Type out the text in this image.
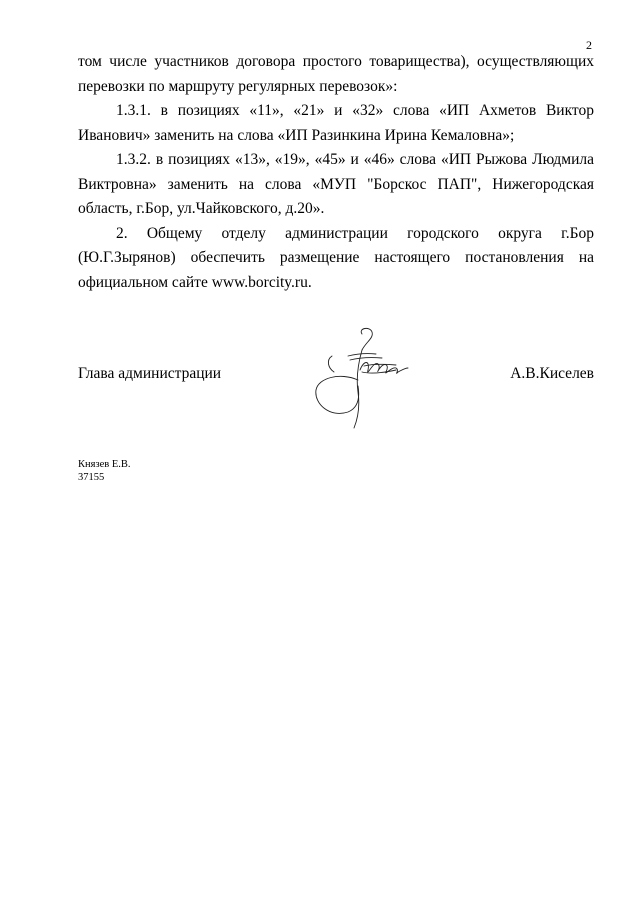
2

том числе участников договора простого товарищества), осуществляющих перевозки по маршруту регулярных перевозок»:

1.3.1. в позициях «11», «21» и «32» слова «ИП Ахметов Виктор Иванович» заменить на слова «ИП Разинкина Ирина Кемаловна»;

1.3.2. в позициях «13», «19», «45» и «46» слова «ИП Рыжова Людмила Виктровна» заменить на слова «МУП "Борскос ПАП", Нижегородская область, г.Бор, ул.Чайковского, д.20».

2. Общему отделу администрации городского округа г.Бор (Ю.Г.Зырянов) обеспечить размещение настоящего постановления на официальном сайте www.borcity.ru.

Глава администрации	А.В.Киселев
Князев Е.В.
37155
